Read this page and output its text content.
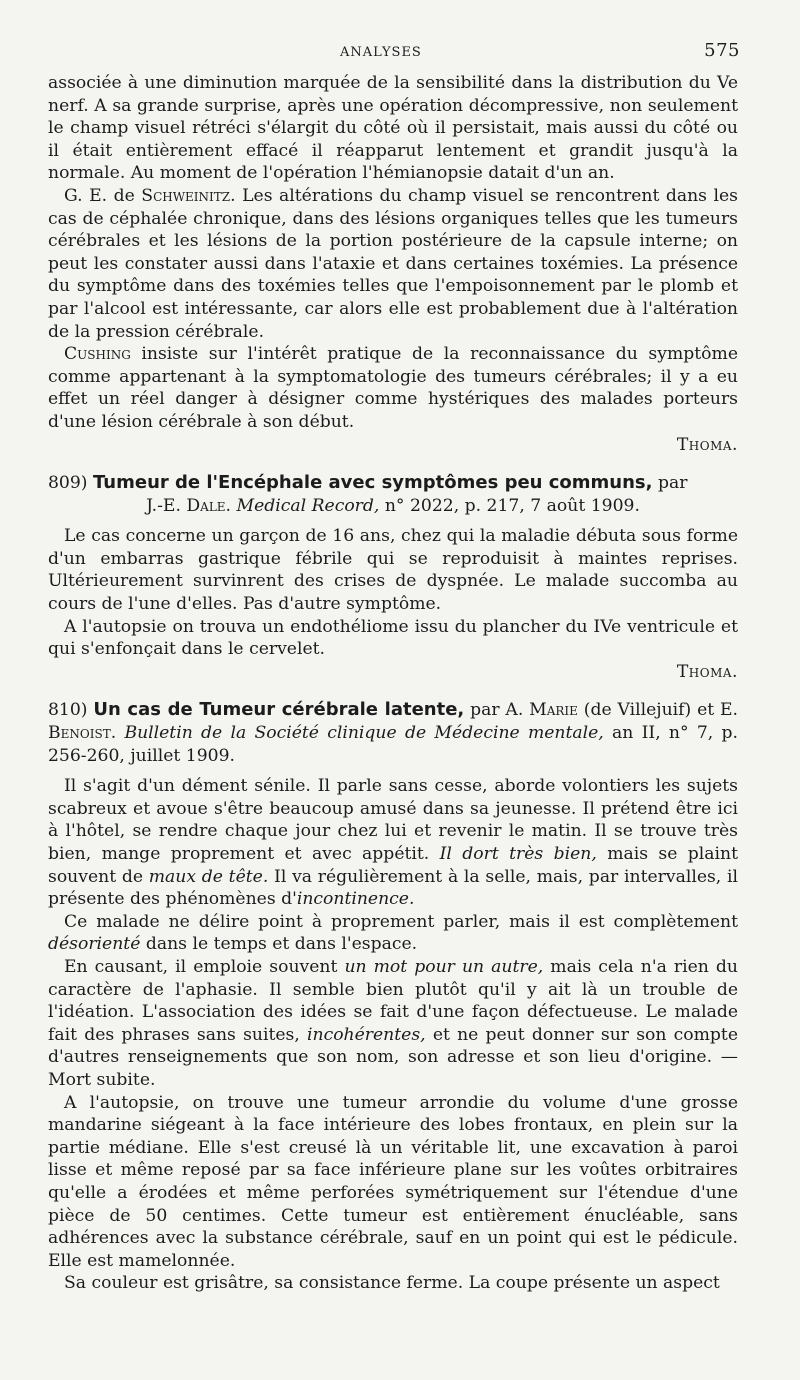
ANALYSES	575

associée à une diminution marquée de la sensibilité dans la distribution du Ve nerf. A sa grande surprise, après une opération décompressive, non seulement le champ visuel rétréci s'élargit du côté où il persistait, mais aussi du côté ou il était entièrement effacé il réapparut lentement et grandit jusqu'à la normale. Au moment de l'opération l'hémianopsie datait d'un an.

G. E. de Schweinitz. Les altérations du champ visuel se rencontrent dans les cas de céphalée chronique, dans des lésions organiques telles que les tumeurs cérébrales et les lésions de la portion postérieure de la capsule interne; on peut les constater aussi dans l'ataxie et dans certaines toxémies. La présence du symptôme dans des toxémies telles que l'empoisonnement par le plomb et par l'alcool est intéressante, car alors elle est probablement due à l'altération de la pression cérébrale.

Cushing insiste sur l'intérêt pratique de la reconnaissance du symptôme comme appartenant à la symptomatologie des tumeurs cérébrales; il y a eu effet un réel danger à désigner comme hystériques des malades porteurs d'une lésion cérébrale à son début.

Thoma.

809) Tumeur de l'Encéphale avec symptômes peu communs, par

J.-E. Dale. Medical Record, n° 2022, p. 217, 7 août 1909.

Le cas concerne un garçon de 16 ans, chez qui la maladie débuta sous forme d'un embarras gastrique fébrile qui se reproduisit à maintes reprises. Ultérieurement survinrent des crises de dyspnée. Le malade succomba au cours de l'une d'elles. Pas d'autre symptôme.

A l'autopsie on trouva un endothéliome issu du plancher du IVe ventricule et qui s'enfonçait dans le cervelet.

Thoma.

810) Un cas de Tumeur cérébrale latente, par A. Marie (de Villejuif) et E. Benoist. Bulletin de la Société clinique de Médecine mentale, an II, n° 7, p. 256-260, juillet 1909.

Il s'agit d'un dément sénile. Il parle sans cesse, aborde volontiers les sujets scabreux et avoue s'être beaucoup amusé dans sa jeunesse. Il prétend être ici à l'hôtel, se rendre chaque jour chez lui et revenir le matin. Il se trouve très bien, mange proprement et avec appétit. Il dort très bien, mais se plaint souvent de maux de tête. Il va régulièrement à la selle, mais, par intervalles, il présente des phénomènes d'incontinence.

Ce malade ne délire point à proprement parler, mais il est complètement désorienté dans le temps et dans l'espace.

En causant, il emploie souvent un mot pour un autre, mais cela n'a rien du caractère de l'aphasie. Il semble bien plutôt qu'il y ait là un trouble de l'idéation. L'association des idées se fait d'une façon défectueuse. Le malade fait des phrases sans suites, incohérentes, et ne peut donner sur son compte d'autres renseignements que son nom, son adresse et son lieu d'origine. — Mort subite.

A l'autopsie, on trouve une tumeur arrondie du volume d'une grosse mandarine siégeant à la face intérieure des lobes frontaux, en plein sur la partie médiane. Elle s'est creusé là un véritable lit, une excavation à paroi lisse et même reposé par sa face inférieure plane sur les voûtes orbitraires qu'elle a érodées et même perforées symétriquement sur l'étendue d'une pièce de 50 centimes. Cette tumeur est entièrement énucléable, sans adhérences avec la substance cérébrale, sauf en un point qui est le pédicule. Elle est mamelonnée.

Sa couleur est grisâtre, sa consistance ferme. La coupe présente un aspect
